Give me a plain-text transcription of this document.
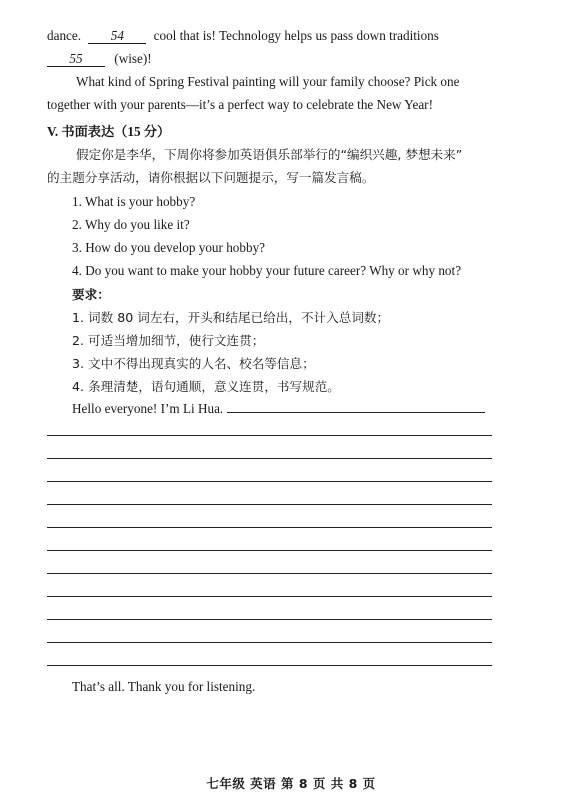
dance. 54 cool that is! Technology helps us pass down traditions
55 (wise)!
What kind of Spring Festival painting will your family choose? Pick one
together with your parents—it’s a perfect way to celebrate the New Year!
V. 书面表达（15 分）
假定你是李华，下周你将参加英语俱乐部举行的“编织兴趣, 梦想未来”
的主题分享活动，请你根据以下问题提示，写一篇发言稿。
1. What is your hobby?
2. Why do you like it?
3. How do you develop your hobby?
4. Do you want to make your hobby your future career? Why or why not?
要求：
1. 词数 80 词左右，开头和结尾已给出，不计入总词数；
2. 可适当增加细节，使行文连贯；
3. 文中不得出现真实的人名、校名等信息；
4. 条理清楚，语句通顺，意义连贯，书写规范。
Hello everyone! I’m Li Hua.
That’s all. Thank you for listening.
七年级 英语 第 8 页 共 8 页
